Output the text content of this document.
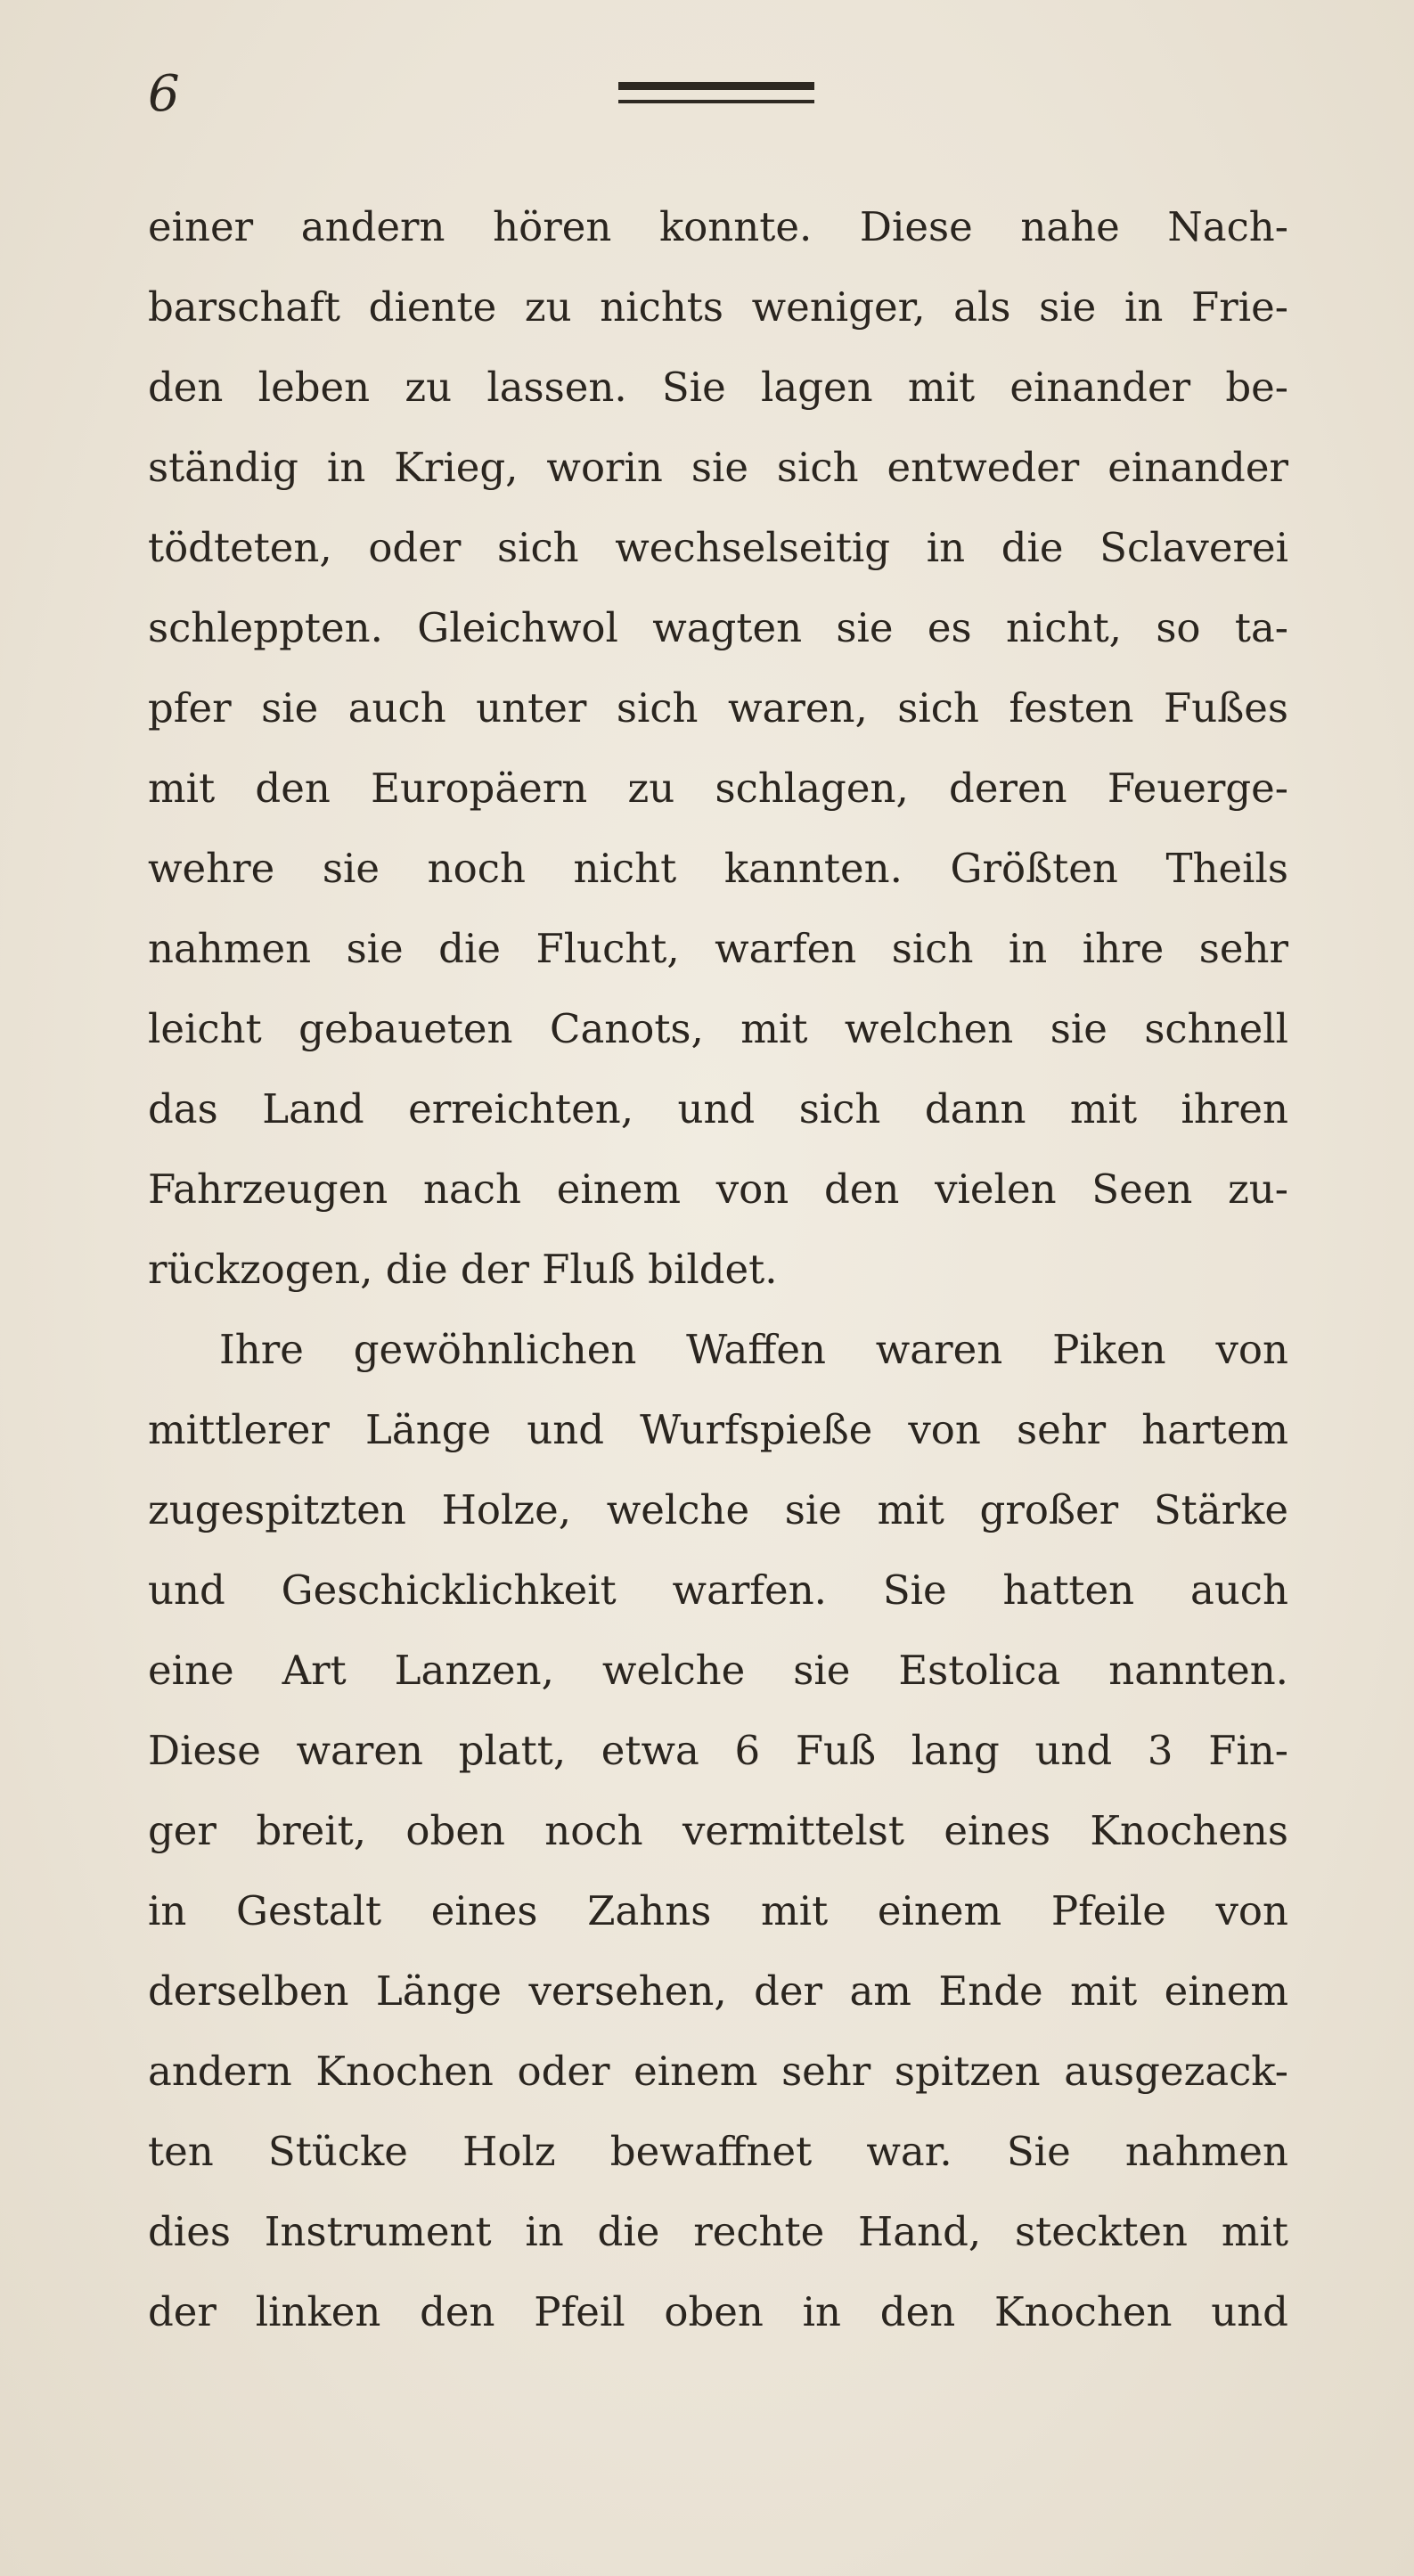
6
einer andern hören konnte. Diese nahe Nach-
barschaft diente zu nichts weniger, als sie in Frie-
den leben zu lassen. Sie lagen mit einander be-
ständig in Krieg, worin sie sich entweder einander
tödteten, oder sich wechselseitig in die Sclaverei
schleppten. Gleichwol wagten sie es nicht, so ta-
pfer sie auch unter sich waren, sich festen Fußes
mit den Europäern zu schlagen, deren Feuerge-
wehre sie noch nicht kannten. Größten Theils
nahmen sie die Flucht, warfen sich in ihre sehr
leicht gebaueten Canots, mit welchen sie schnell
das Land erreichten, und sich dann mit ihren
Fahrzeugen nach einem von den vielen Seen zu-
rückzogen, die der Fluß bildet.
Ihre gewöhnlichen Waffen waren Piken von
mittlerer Länge und Wurfspieße von sehr hartem
zugespitzten Holze, welche sie mit großer Stärke
und Geschicklichkeit warfen. Sie hatten auch
eine Art Lanzen, welche sie Estolica nannten.
Diese waren platt, etwa 6 Fuß lang und 3 Fin-
ger breit, oben noch vermittelst eines Knochens
in Gestalt eines Zahns mit einem Pfeile von
derselben Länge versehen, der am Ende mit einem
andern Knochen oder einem sehr spitzen ausgezack-
ten Stücke Holz bewaffnet war. Sie nahmen
dies Instrument in die rechte Hand, steckten mit
der linken den Pfeil oben in den Knochen und
